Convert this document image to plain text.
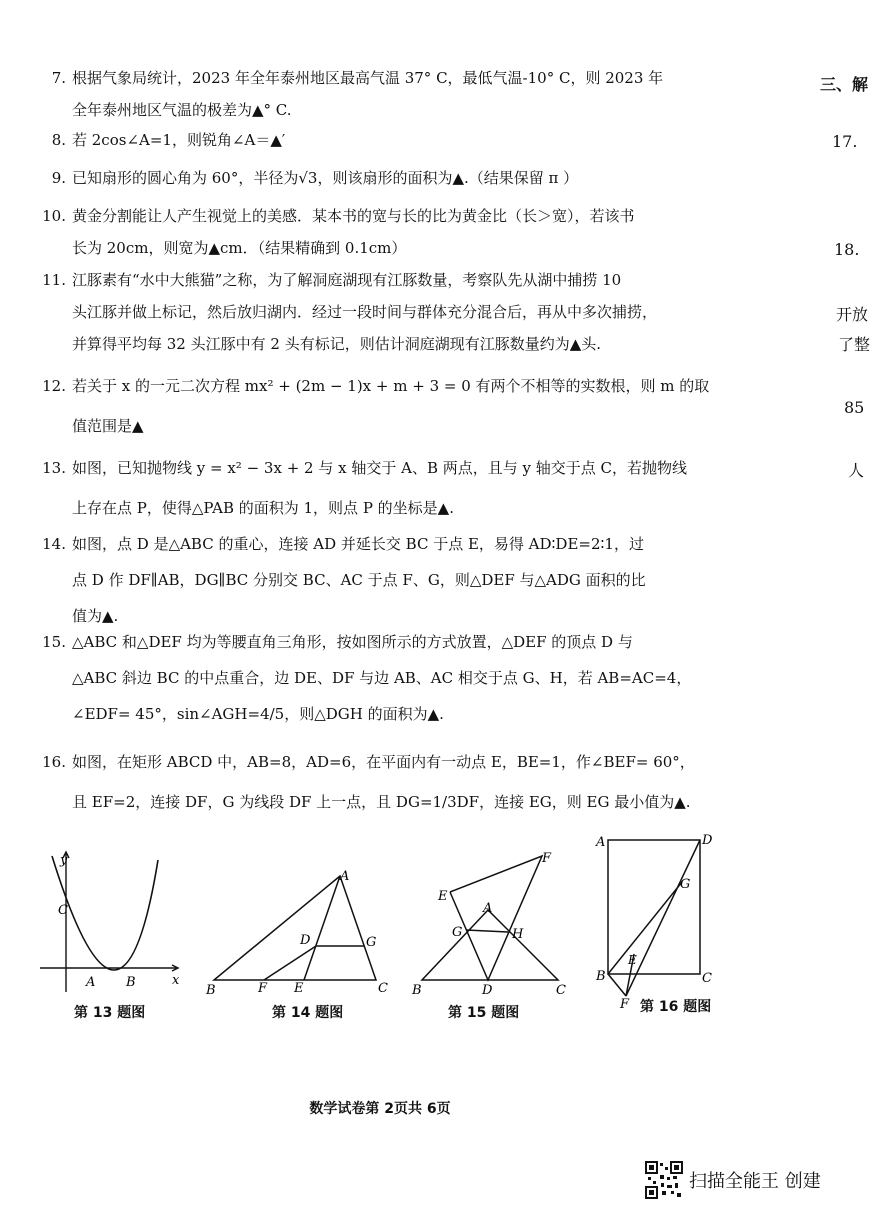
7. 根据气象局统计，2023 年全年泰州地区最高气温 37° C，最低气温-10° C，则 2023 年
全年泰州地区气温的极差为▲° C.
8. 若 2cos∠A=1，则锐角∠A＝▲′
9. 已知扇形的圆心角为 60°，半径为√3，则该扇形的面积为▲.（结果保留 π ）
10. 黄金分割能让人产生视觉上的美感．某本书的宽与长的比为黄金比（长＞宽），若该书
长为 20cm，则宽为▲cm．（结果精确到 0.1cm）
11. 江豚素有“水中大熊猫”之称，为了解洞庭湖现有江豚数量，考察队先从湖中捕捞 10
头江豚并做上标记，然后放归湖内．经过一段时间与群体充分混合后，再从中多次捕捞，
并算得平均每 32 头江豚中有 2 头有标记，则估计洞庭湖现有江豚数量约为▲头.
12. 若关于 x 的一元二次方程 mx² + (2m − 1)x + m + 3 = 0 有两个不相等的实数根，则 m 的取
值范围是▲
13. 如图，已知抛物线 y = x² − 3x + 2 与 x 轴交于 A、B 两点，且与 y 轴交于点 C，若抛物线
上存在点 P，使得△PAB 的面积为 1，则点 P 的坐标是▲.
14. 如图，点 D 是△ABC 的重心，连接 AD 并延长交 BC 于点 E，易得 AD∶DE=2∶1，过
点 D 作 DF∥AB，DG∥BC 分别交 BC、AC 于点 F、G，则△DEF 与△ADG 面积的比
值为▲.
15. △ABC 和△DEF 均为等腰直角三角形，按如图所示的方式放置，△DEF 的顶点 D 与
△ABC 斜边 BC 的中点重合，边 DE、DF 与边 AB、AC 相交于点 G、H，若 AB=AC=4，
∠EDF= 45°，sin∠AGH=4/5，则△DGH 的面积为▲.
16. 如图，在矩形 ABCD 中，AB=8，AD=6，在平面内有一动点 E，BE=1，作∠BEF= 60°，
且 EF=2，连接 DF，G 为线段 DF 上一点，且 DG=1/3DF，连接 EG，则 EG 最小值为▲.
三、解
17.
18.
开放
了整
85
人
y
C
A B	x
第 13 题图
A
D	G
B	F E	C
第 14 题图
F
E
A
G	H
B	D	C
第 15 题图
A	D
G
E
B	C
F 第 16 题图
数学试卷第 2页共 6页
扫描全能王 创建
